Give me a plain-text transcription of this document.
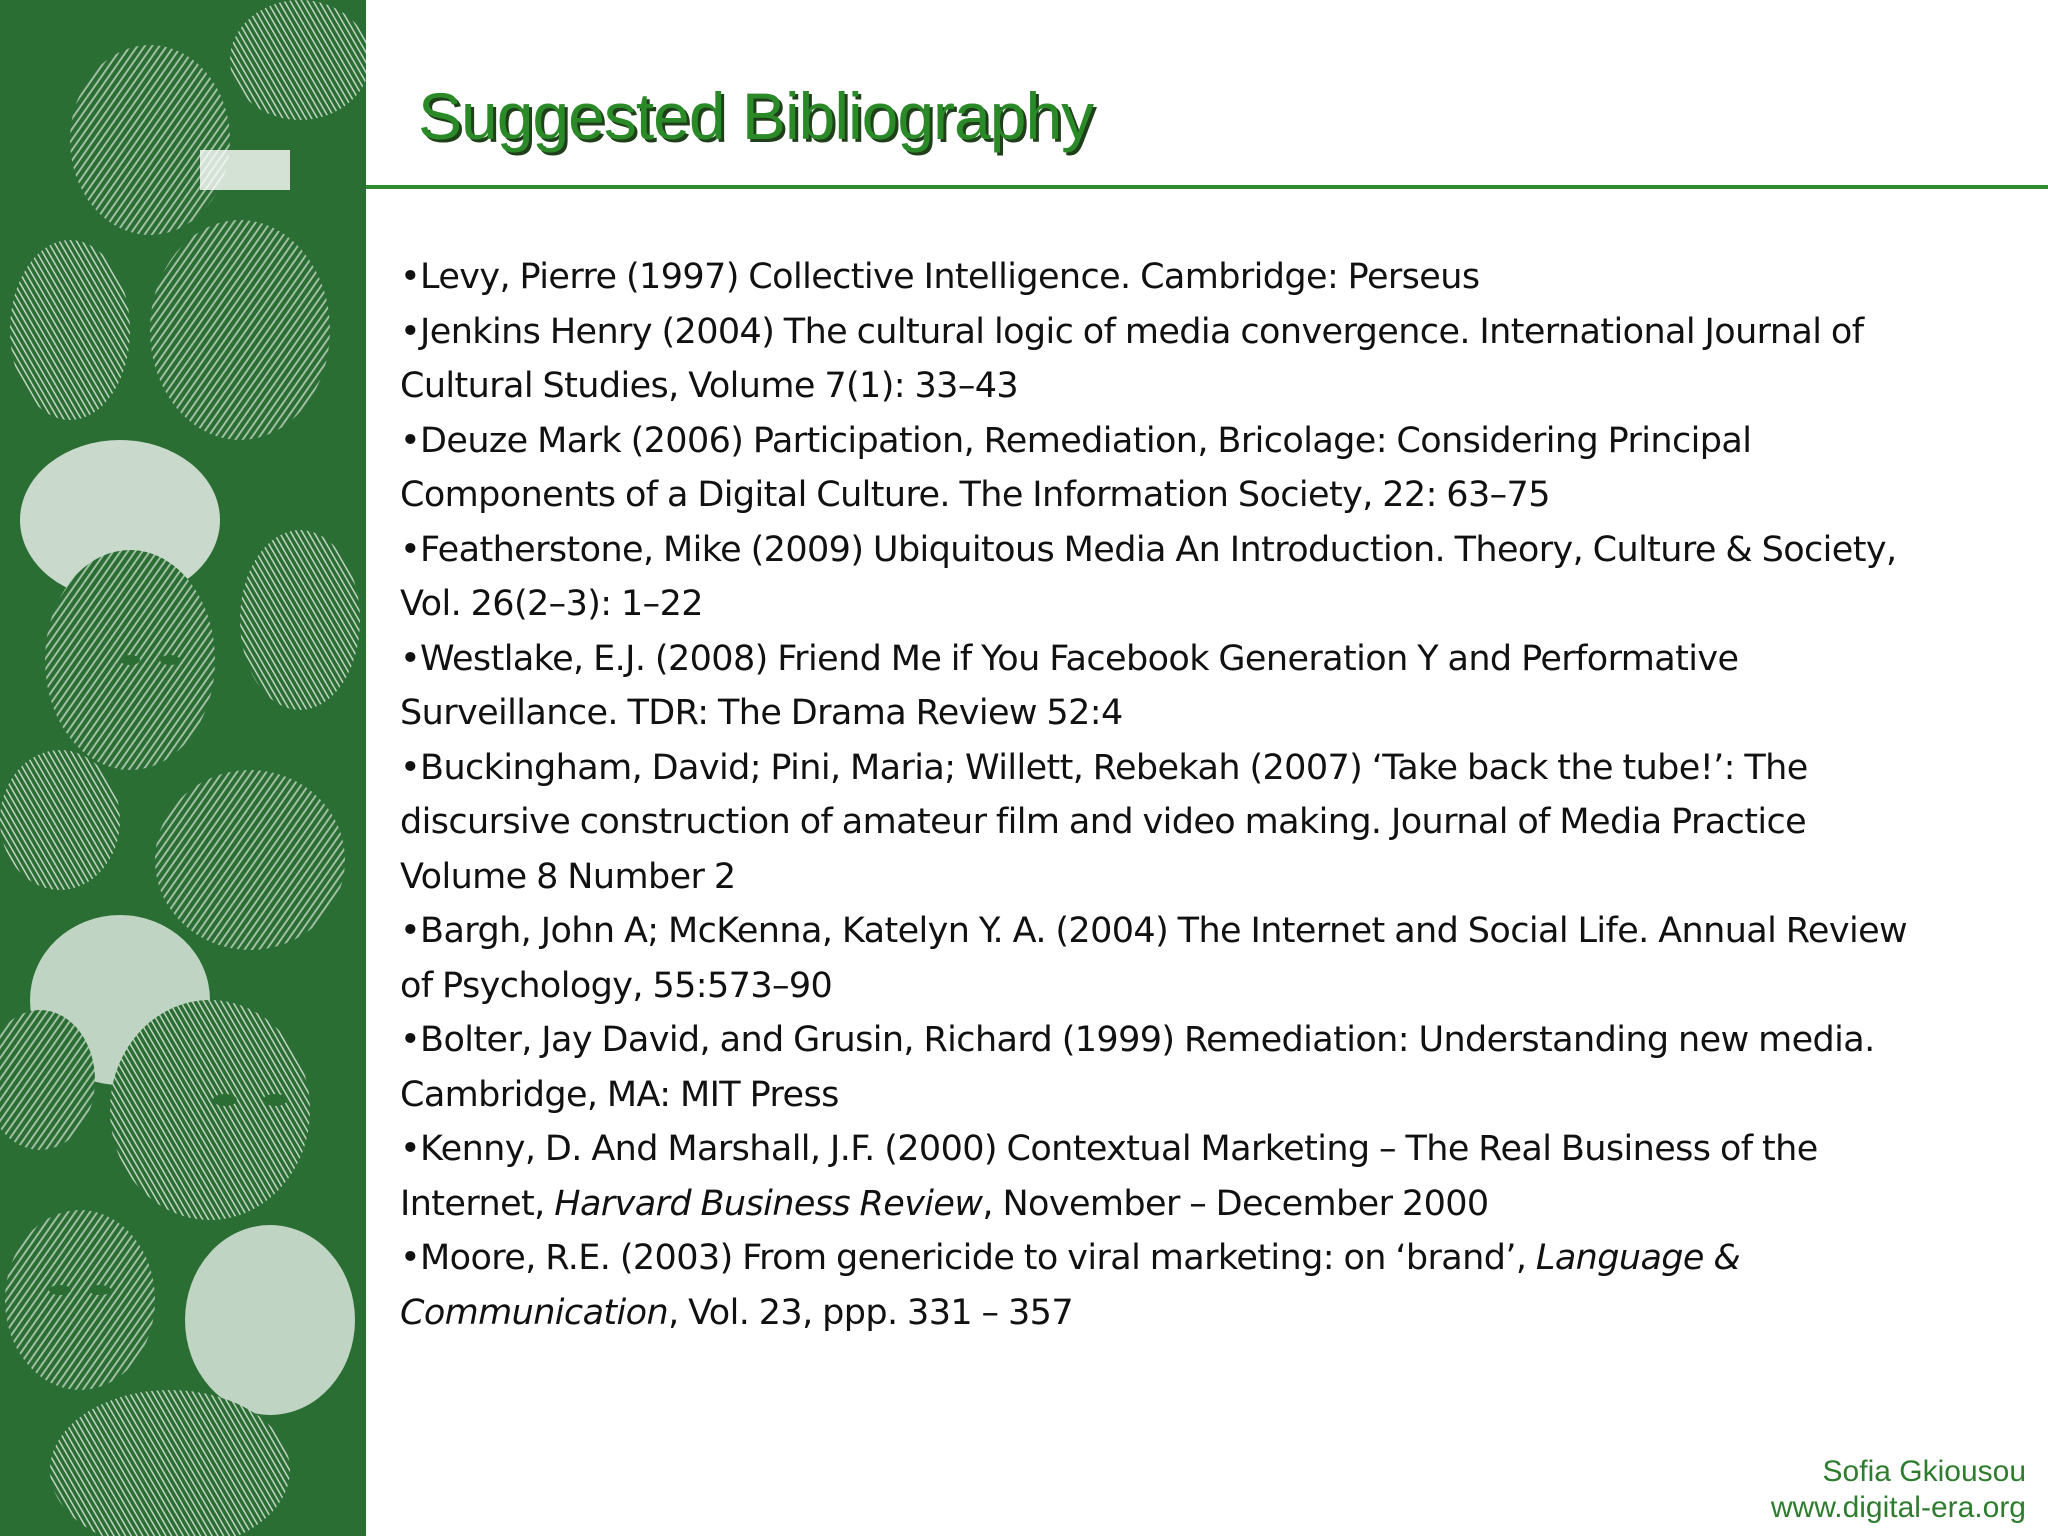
Suggested Bibliography
•Levy, Pierre (1997) Collective Intelligence. Cambridge: Perseus
•Jenkins Henry (2004) The cultural logic of media convergence. International Journal of Cultural Studies, Volume 7(1): 33–43
•Deuze Mark (2006) Participation, Remediation, Bricolage: Considering Principal Components of a Digital Culture. The Information Society, 22: 63–75
•Featherstone, Mike (2009) Ubiquitous Media An Introduction. Theory, Culture & Society, Vol. 26(2–3): 1–22
•Westlake, E.J. (2008) Friend Me if You Facebook Generation Y and Performative Surveillance. TDR: The Drama Review 52:4
•Buckingham, David; Pini, Maria; Willett, Rebekah (2007) ‘Take back the tube!’: The discursive construction of amateur film and video making. Journal of Media Practice Volume 8 Number 2
•Bargh, John A; McKenna, Katelyn Y. A. (2004) The Internet and Social Life. Annual Review of Psychology, 55:573–90
•Bolter, Jay David, and Grusin, Richard (1999) Remediation: Understanding new media. Cambridge, MA: MIT Press
•Kenny, D. And Marshall, J.F. (2000) Contextual Marketing – The Real Business of the Internet, Harvard Business Review, November – December 2000
•Moore, R.E. (2003) From genericide to viral marketing: on ‘brand’, Language & Communication, Vol. 23, ppp. 331 – 357
Sofia Gkiousou
www.digital-era.org
